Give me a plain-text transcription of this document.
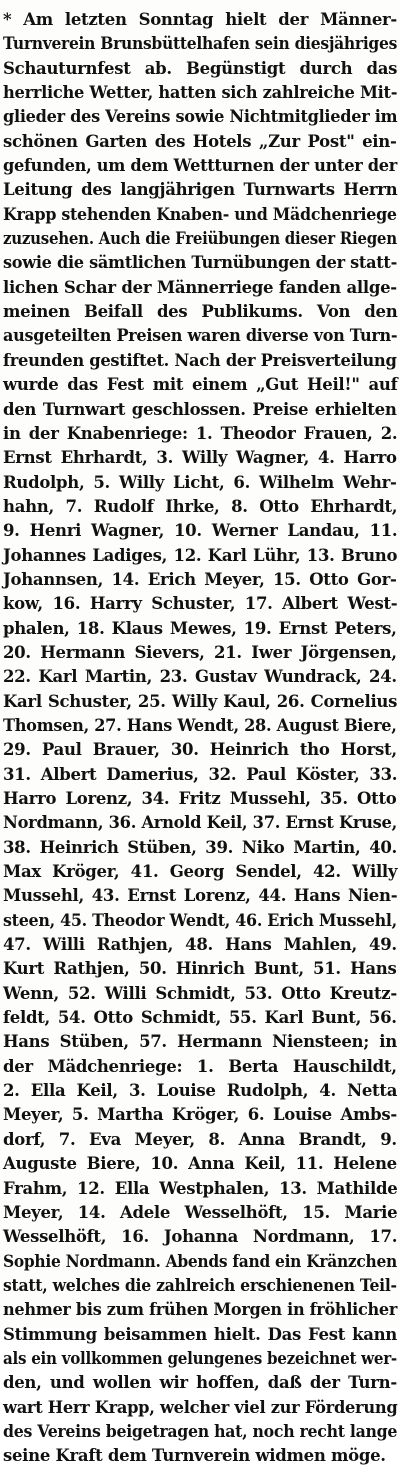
* Am letzten Sonntag hielt der Männer-
Turnverein Brunsbüttelhafen sein diesjähriges
Schauturnfest ab. Begünstigt durch das
herrliche Wetter, hatten sich zahlreiche Mit-
glieder des Vereins sowie Nichtmitglieder im
schönen Garten des Hotels „Zur Post" ein-
gefunden, um dem Wettturnen der unter der
Leitung des langjährigen Turnwarts Herrn
Krapp stehenden Knaben- und Mädchenriege
zuzusehen. Auch die Freiübungen dieser Riegen
sowie die sämtlichen Turnübungen der statt-
lichen Schar der Männerriege fanden allge-
meinen Beifall des Publikums. Von den
ausgeteilten Preisen waren diverse von Turn-
freunden gestiftet. Nach der Preisverteilung
wurde das Fest mit einem „Gut Heil!" auf
den Turnwart geschlossen. Preise erhielten
in der Knabenriege: 1. Theodor Frauen, 2.
Ernst Ehrhardt, 3. Willy Wagner, 4. Harro
Rudolph, 5. Willy Licht, 6. Wilhelm Wehr-
hahn, 7. Rudolf Ihrke, 8. Otto Ehrhardt,
9. Henri Wagner, 10. Werner Landau, 11.
Johannes Ladiges, 12. Karl Lühr, 13. Bruno
Johannsen, 14. Erich Meyer, 15. Otto Gor-
kow, 16. Harry Schuster, 17. Albert West-
phalen, 18. Klaus Mewes, 19. Ernst Peters,
20. Hermann Sievers, 21. Iwer Jörgensen,
22. Karl Martin, 23. Gustav Wundrack, 24.
Karl Schuster, 25. Willy Kaul, 26. Cornelius
Thomsen, 27. Hans Wendt, 28. August Biere,
29. Paul Brauer, 30. Heinrich tho Horst,
31. Albert Damerius, 32. Paul Köster, 33.
Harro Lorenz, 34. Fritz Mussehl, 35. Otto
Nordmann, 36. Arnold Keil, 37. Ernst Kruse,
38. Heinrich Stüben, 39. Niko Martin, 40.
Max Kröger, 41. Georg Sendel, 42. Willy
Mussehl, 43. Ernst Lorenz, 44. Hans Nien-
steen, 45. Theodor Wendt, 46. Erich Mussehl,
47. Willi Rathjen, 48. Hans Mahlen, 49.
Kurt Rathjen, 50. Hinrich Bunt, 51. Hans
Wenn, 52. Willi Schmidt, 53. Otto Kreutz-
feldt, 54. Otto Schmidt, 55. Karl Bunt, 56.
Hans Stüben, 57. Hermann Niensteen; in
der Mädchenriege: 1. Berta Hauschildt,
2. Ella Keil, 3. Louise Rudolph, 4. Netta
Meyer, 5. Martha Kröger, 6. Louise Ambs-
dorf, 7. Eva Meyer, 8. Anna Brandt, 9.
Auguste Biere, 10. Anna Keil, 11. Helene
Frahm, 12. Ella Westphalen, 13. Mathilde
Meyer, 14. Adele Wesselhöft, 15. Marie
Wesselhöft, 16. Johanna Nordmann, 17.
Sophie Nordmann. Abends fand ein Kränzchen
statt, welches die zahlreich erschienenen Teil-
nehmer bis zum frühen Morgen in fröhlicher
Stimmung beisammen hielt. Das Fest kann
als ein vollkommen gelungenes bezeichnet wer-
den, und wollen wir hoffen, daß der Turn-
wart Herr Krapp, welcher viel zur Förderung
des Vereins beigetragen hat, noch recht lange
seine Kraft dem Turnverein widmen möge.
